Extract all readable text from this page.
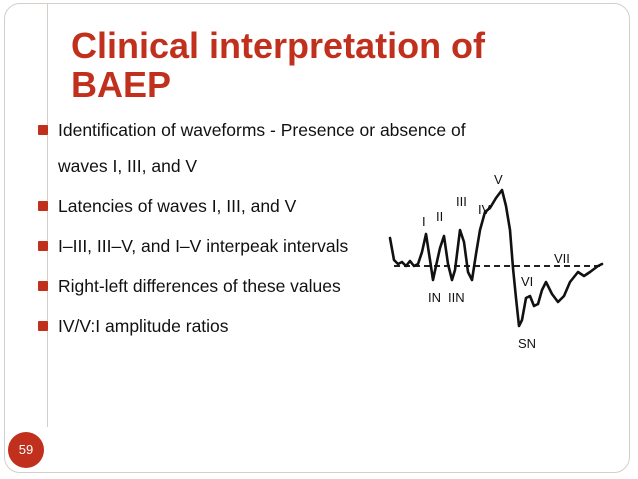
Clinical interpretation of
BAEP
Identification of waveforms - Presence or absence of
waves I, III, and V
Latencies of waves I, III, and V
I–III, III–V, and I–V interpeak intervals
Right-left differences of these values
IV/V:I amplitude ratios
I II
III
IV
V
VI
VII
IN IIN
SN
59
